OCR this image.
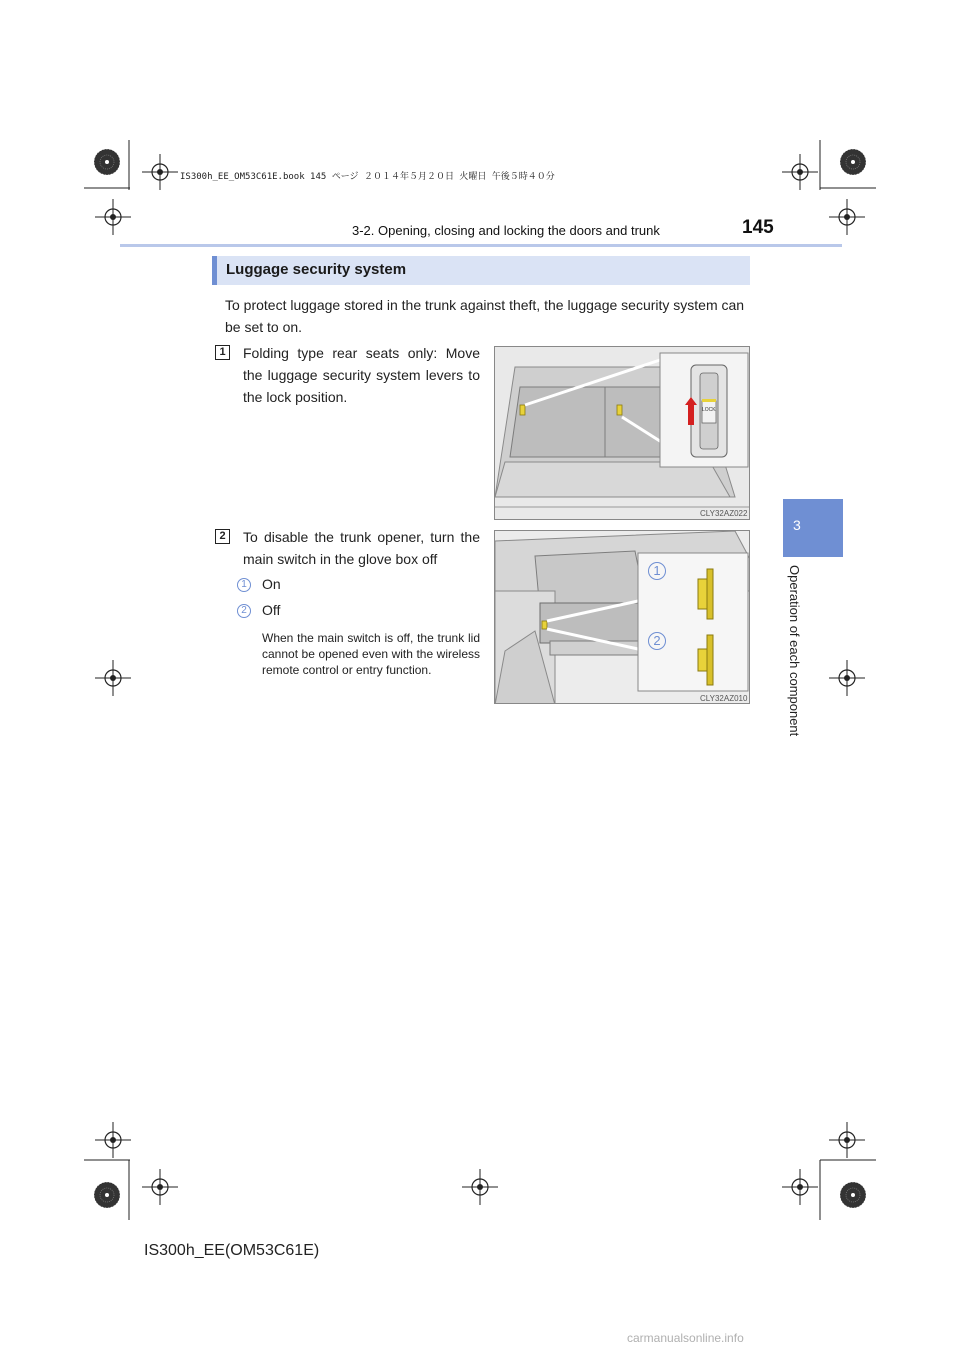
IS300h_EE_OM53C61E.book 145 ページ ２０１４年５月２０日 火曜日 午後５時４０分
3-2. Opening, closing and locking the doors and trunk	145
3
Operation of each component
Luggage security system
To protect luggage stored in the trunk against theft, the luggage security system can be set to on.
1	Folding type rear seats only: Move the luggage security system levers to the lock position.
LOCK
CLY32AZ022
2	To disable the trunk opener, turn the main switch in the glove box off
1	On
2	Off
When the main switch is off, the trunk lid cannot be opened even with the wireless remote control or entry function.
1
2
CLY32AZ010
IS300h_EE(OM53C61E)
carmanualsonline.info
